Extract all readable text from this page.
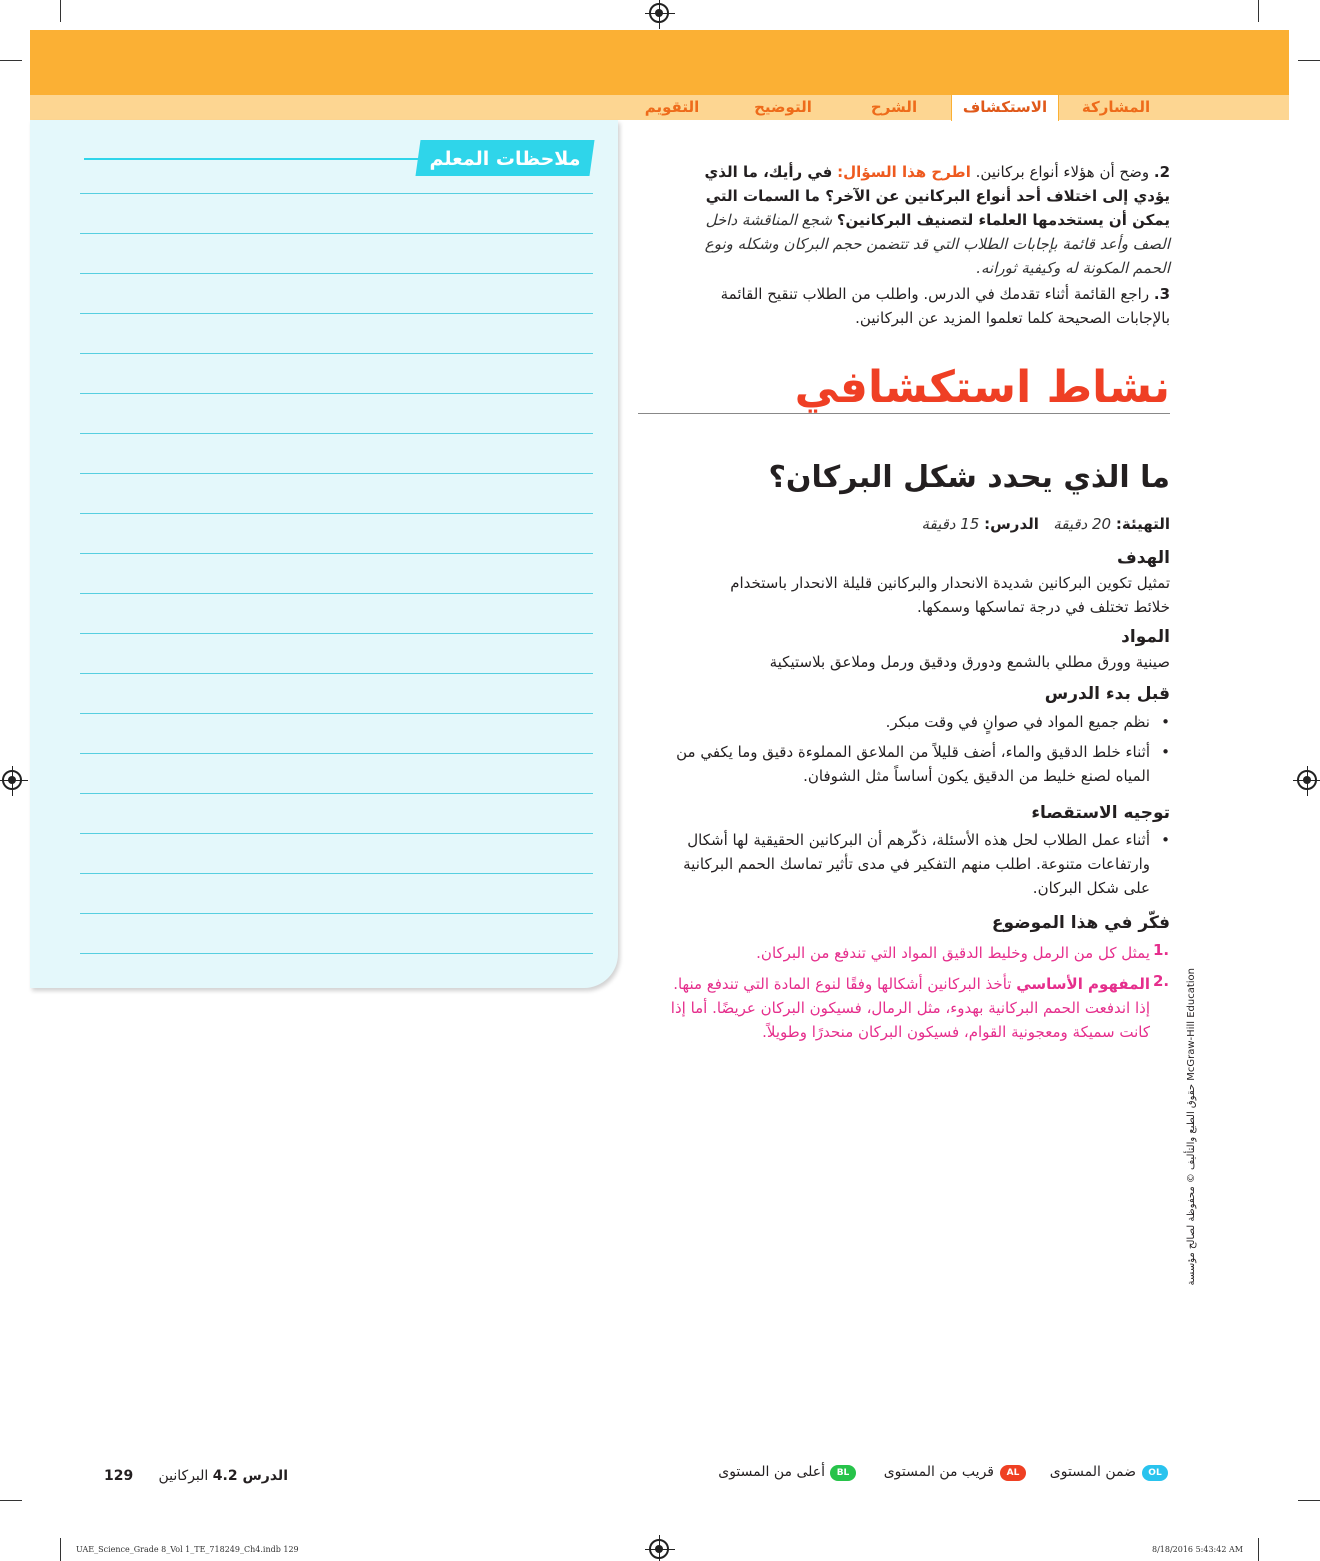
المشاركة
الاستكشاف
الشرح
التوضيح
التقويم
ملاحظات المعلم
2. وضح أن هؤلاء أنواع بركانين. اطرح هذا السؤال: في رأيك، ما الذي يؤدي إلى اختلاف أحد أنواع البركانين عن الآخر؟ ما السمات التي يمكن أن يستخدمها العلماء لتصنيف البركانين؟ شجع المناقشة داخل الصف وأعد قائمة بإجابات الطلاب التي قد تتضمن حجم البركان وشكله ونوع الحمم المكونة له وكيفية ثورانه.
3. راجع القائمة أثناء تقدمك في الدرس. واطلب من الطلاب تنقيح القائمة بالإجابات الصحيحة كلما تعلموا المزيد عن البركانين.
نشاط استكشافي
ما الذي يحدد شكل البركان؟
التهيئة: 20 دقيقة   الدرس: 15 دقيقة
الهدف
تمثيل تكوين البركانين شديدة الانحدار والبركانين قليلة الانحدار باستخدام خلائط تختلف في درجة تماسكها وسمكها.
المواد
صينية وورق مطلي بالشمع ودورق ودقيق ورمل وملاعق بلاستيكية
قبل بدء الدرس
• نظم جميع المواد في صوانٍ في وقت مبكر.
• أثناء خلط الدقيق والماء، أضف قليلاً من الملاعق المملوءة دقيق وما يكفي من المياه لصنع خليط من الدقيق يكون أساساً مثل الشوفان.
توجيه الاستقصاء
• أثناء عمل الطلاب لحل هذه الأسئلة، ذكّرهم أن البركانين الحقيقية لها أشكال وارتفاعات متنوعة. اطلب منهم التفكير في مدى تأثير تماسك الحمم البركانية على شكل البركان.
فكّر في هذا الموضوع
1.
يمثل كل من الرمل وخليط الدقيق المواد التي تندفع من البركان.
2.
المفهوم الأساسي تأخذ البركانين أشكالها وفقًا لنوع المادة التي تندفع منها. إذا اندفعت الحمم البركانية بهدوء، مثل الرمال، فسيكون البركان عريضًا. أما إذا كانت سميكة ومعجونية القوام، فسيكون البركان منحدرًا وطويلاً.
McGraw-Hill Education حقوق الطبع والتأليف © محفوظة لصالح مؤسسة
OL
ضمن المستوى
AL
قريب من المستوى
BL
أعلى من المستوى
129	الدرس 4.2 البركانين
UAE_Science_Grade 8_Vol 1_TE_718249_Ch4.indb 129	8/18/2016 5:43:42 AM
